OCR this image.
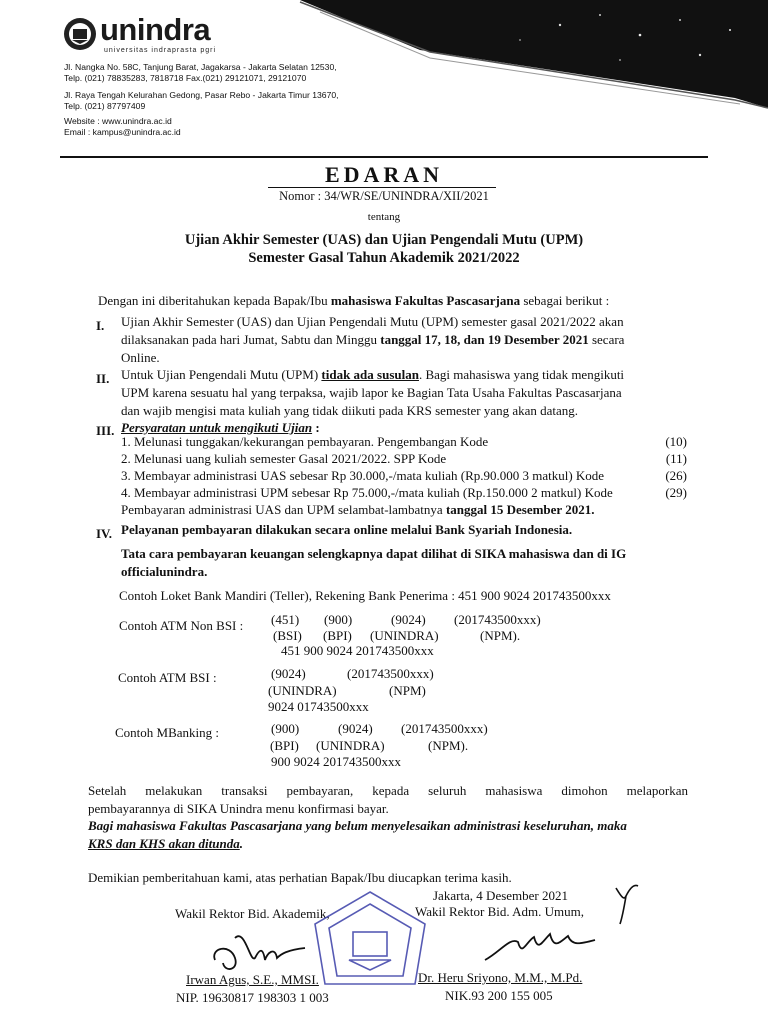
unindra
universitas indraprasta pgri
Jl. Nangka No. 58C, Tanjung Barat, Jagakarsa - Jakarta Selatan 12530,
Telp. (021) 78835283, 7818718 Fax.(021) 29121071, 29121070
Jl. Raya Tengah Kelurahan Gedong, Pasar Rebo - Jakarta Timur 13670,
Telp. (021) 87797409
Website : www.unindra.ac.id
Email : kampus@unindra.ac.id
EDARAN
Nomor : 34/WR/SE/UNINDRA/XII/2021
tentang
Ujian Akhir Semester (UAS) dan Ujian Pengendali Mutu (UPM)
Semester Gasal Tahun Akademik 2021/2022
Dengan ini diberitahukan kepada Bapak/Ibu mahasiswa Fakultas Pascasarjana sebagai berikut :
I. Ujian Akhir Semester (UAS) dan Ujian Pengendali Mutu (UPM) semester gasal 2021/2022 akan
dilaksanakan pada hari Jumat, Sabtu dan Minggu tanggal 17, 18, dan 19 Desember 2021 secara
Online.
II. Untuk Ujian Pengendali Mutu (UPM) tidak ada susulan. Bagi mahasiswa yang tidak mengikuti
UPM karena sesuatu hal yang terpaksa, wajib lapor ke Bagian Tata Usaha Fakultas Pascasarjana
dan wajib mengisi mata kuliah yang tidak diikuti pada KRS semester yang akan datang.
III. Persyaratan untuk mengikuti Ujian :
1. Melunasi tunggakan/kekurangan pembayaran. Pengembangan Kode	(10)
2. Melunasi uang kuliah semester Gasal 2021/2022. SPP Kode	(11)
3. Membayar administrasi UAS sebesar Rp 30.000,-/mata kuliah (Rp.90.000 3 matkul) Kode	(26)
4. Membayar administrasi UPM sebesar Rp 75.000,-/mata kuliah (Rp.150.000 2 matkul) Kode	(29)
Pembayaran administrasi UAS dan UPM selambat-lambatnya tanggal 15 Desember 2021.
IV. Pelayanan pembayaran dilakukan secara online melalui Bank Syariah Indonesia.
Tata cara pembayaran keuangan selengkapnya dapat dilihat di SIKA mahasiswa dan di IG
officialunindra.
Contoh Loket Bank Mandiri (Teller), Rekening Bank Penerima : 451 900 9024 201743500xxx
Contoh ATM Non BSI : (451) (900)	(9024) (201743500xxx)
(BSI) (BPI) (UNINDRA)	(NPM).
451 900 9024 201743500xxx
Contoh ATM BSI :	(9024)	(201743500xxx)
(UNINDRA)	(NPM)
9024 01743500xxx
Contoh MBanking :	(900)	(9024) (201743500xxx)
(BPI) (UNINDRA)	(NPM).
900 9024 201743500xxx
Setelah melakukan transaksi pembayaran, kepada seluruh mahasiswa dimohon melaporkan
pembayarannya di SIKA Unindra menu konfirmasi bayar.
Bagi mahasiswa Fakultas Pascasarjana yang belum menyelesaikan administrasi keseluruhan, maka
KRS dan KHS akan ditunda.
Demikian pemberitahuan kami, atas perhatian Bapak/Ibu diucapkan terima kasih.
Jakarta, 4 Desember 2021
Wakil Rektor Bid. Akademik,	Wakil Rektor Bid. Adm. Umum,
Irwan Agus, S.E., MMSI.
NIP. 19630817 198303 1 003
Dr. Heru Sriyono, M.M., M.Pd.
NIK.93 200 155 005
